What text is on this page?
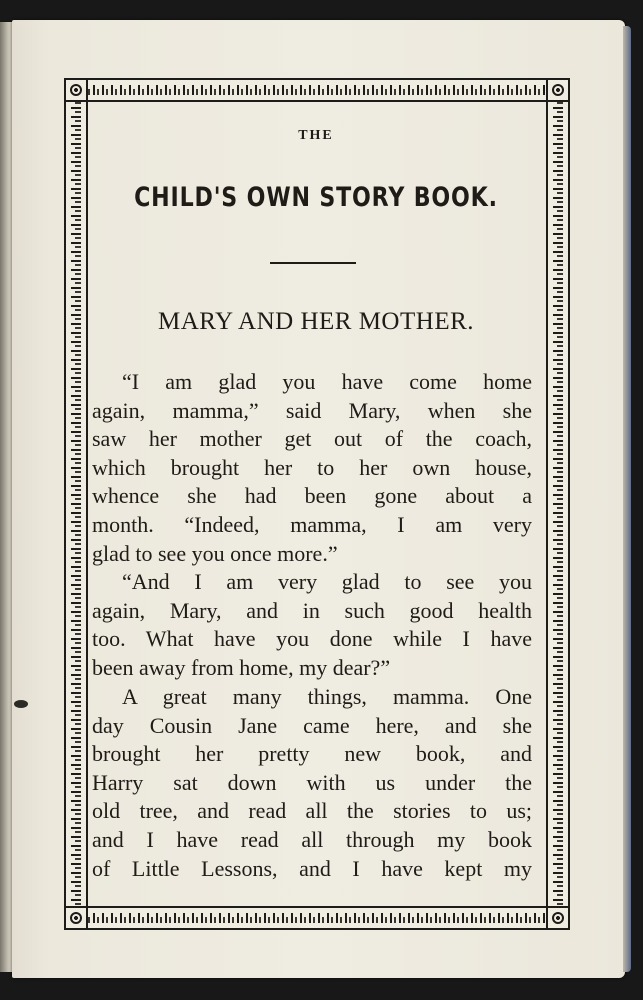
THE
CHILD'S OWN STORY BOOK.
MARY AND HER MOTHER.
“I am glad you have come home
again, mamma,” said Mary, when she
saw her mother get out of the coach,
which brought her to her own house,
whence she had been gone about a
month. “Indeed, mamma, I am very
glad to see you once more.”
“And I am very glad to see you
again, Mary, and in such good health
too. What have you done while I have
been away from home, my dear?”
A great many things, mamma. One
day Cousin Jane came here, and she
brought her pretty new book, and
Harry sat down with us under the
old tree, and read all the stories to us;
and I have read all through my book
of Little Lessons, and I have kept my
